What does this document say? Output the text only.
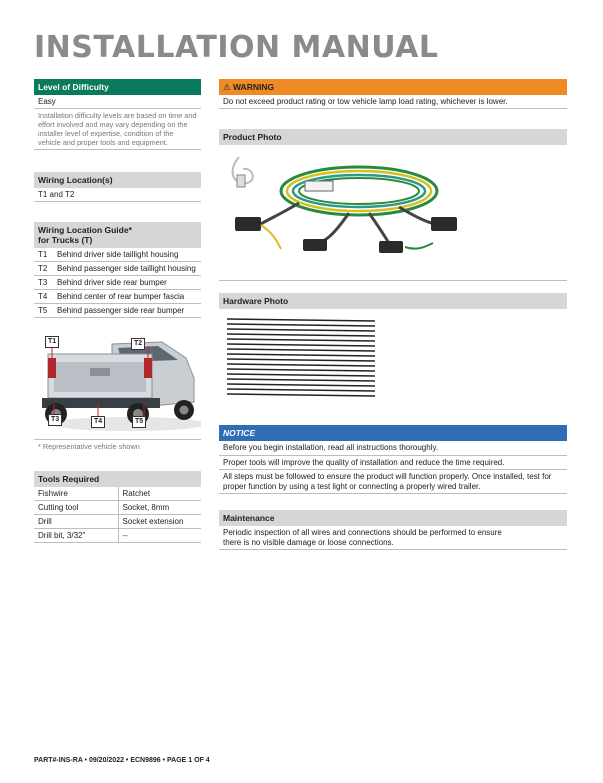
INSTALLATION MANUAL
Level of Difficulty
Easy
Installation difficulty levels are based on time and effort involved and may vary depending on the installer level of expertise, condition of the vehicle and proper tools and equipment.
Wiring Location(s)
T1 and T2
Wiring Location Guide*
for Trucks (T)
T1	Behind driver side taillight housing
T2	Behind passenger side taillight housing
T3	Behind driver side rear bumper
T4	Behind center of rear bumper fascia
T5	Behind passenger side rear bumper
T1	T2
T3	T4	T5
* Representative vehicle shown
Tools Required
Fishwire	Ratchet
Cutting tool	Socket, 8mm
Drill	Socket extension
Drill bit, 3/32"	--
⚠ WARNING
Do not exceed product rating or tow vehicle lamp load rating, whichever is lower.
Product Photo
Hardware Photo
NOTICE
Before you begin installation, read all instructions thoroughly.
Proper tools will improve the quality of installation and reduce the time required.
All steps must be followed to ensure the product will function properly. Once installed, test for proper function by using a test light or connecting a properly wired trailer.
Maintenance
Periodic inspection of all wires and connections should be performed to ensure there is no visible damage or loose connections.
PART#-INS-RA • 09/20/2022 • ECN9896 • PAGE 1 OF 4
